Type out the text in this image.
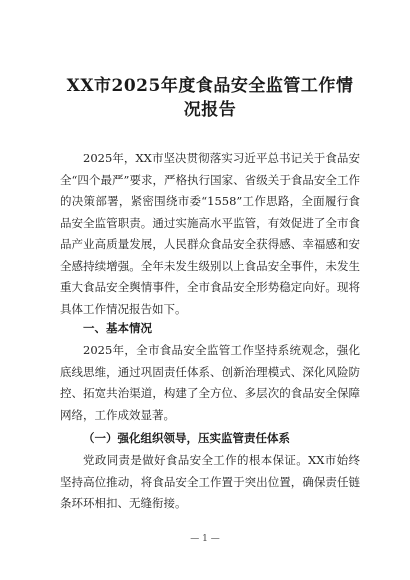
XX市2025年度食品安全监管工作情况报告

2025年，XX市坚决贯彻落实习近平总书记关于食品安全“四个最严”要求，严格执行国家、省级关于食品安全工作的决策部署，紧密围绕市委“1558”工作思路，全面履行食品安全监管职责。通过实施高水平监管，有效促进了全市食品产业高质量发展，人民群众食品安全获得感、幸福感和安全感持续增强。全年未发生级别以上食品安全事件，未发生重大食品安全舆情事件，全市食品安全形势稳定向好。现将具体工作情况报告如下。

一、基本情况

2025年，全市食品安全监管工作坚持系统观念，强化底线思维，通过巩固责任体系、创新治理模式、深化风险防控、拓宽共治渠道，构建了全方位、多层次的食品安全保障网络，工作成效显著。

（一）强化组织领导，压实监管责任体系

党政同责是做好食品安全工作的根本保证。XX市始终坚持高位推动，将食品安全工作置于突出位置，确保责任链条环环相扣、无缝衔接。

— 1 —
